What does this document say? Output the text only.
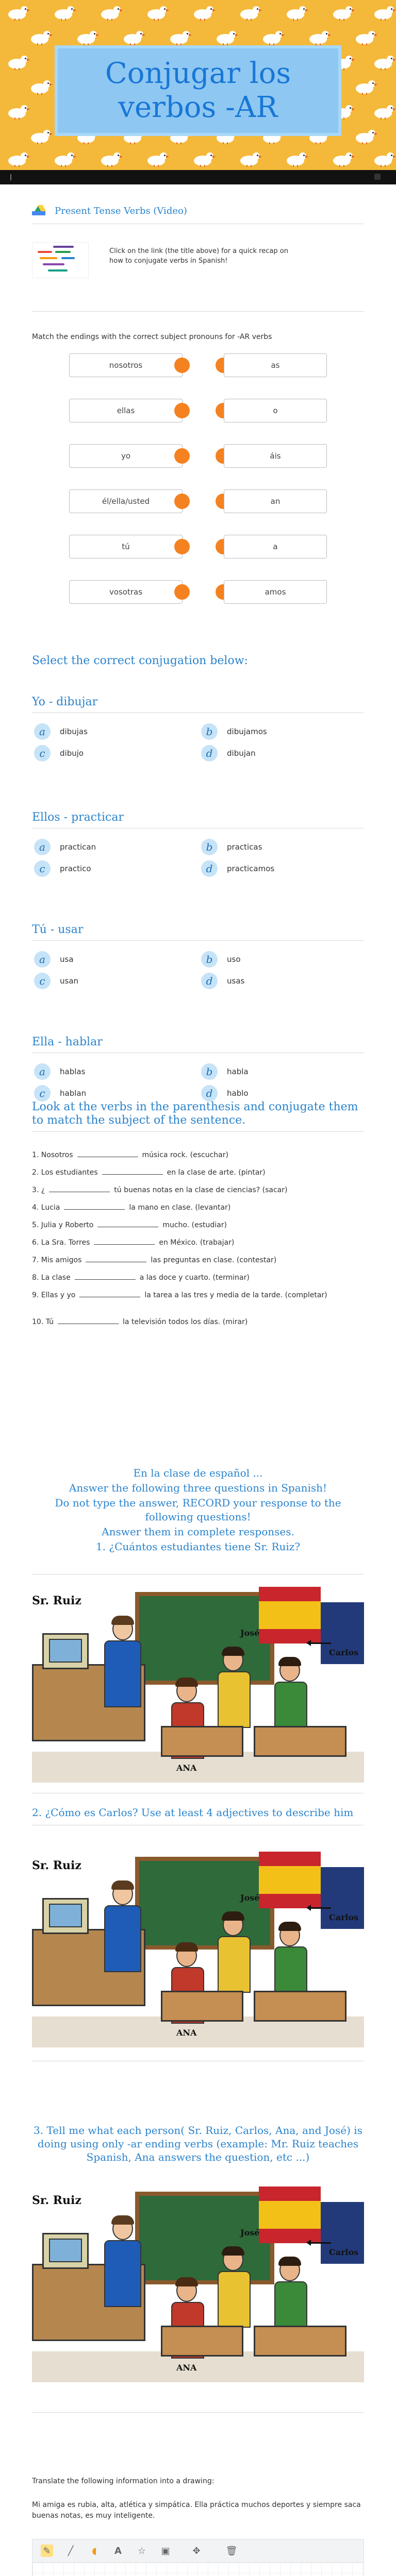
Conjugar los verbos -AR
Present Tense Verbs (Video)

Click on the link (the title above) for a quick recap on how to conjugate verbs in Spanish!

Match the endings with the correct subject pronouns for -AR verbs

nosotros	as
ellas	o
yo	áis
él/ella/usted	an
tú	a
vosotras	amos

Select the correct conjugation below:

Yo - dibujar
a	dibujas	b	dibujamos
c	dibujo	d	dibujan
Ellos - practicar
a	practican	b	practicas
c	practico	d	practicamos
Tú - usar
a	usa	b	uso
c	usan	d	usas
Ella - hablar
a	hablas	b	habla
c	hablan	d	hablo

Look at the verbs in the parenthesis and conjugate them to match the subject of the sentence.

1. Nosotros	música rock. (escuchar)
2. Los estudiantes	en la clase de arte. (pintar)
3. ¿	tú buenas notas en la clase de ciencias? (sacar)
4. Lucia	la mano en clase. (levantar)
5. Julia y Roberto	mucho. (estudiar)
6. La Sra. Torres	en México. (trabajar)
7. Mis amigos	las preguntas en clase. (contestar)
8. La clase	a las doce y cuarto. (terminar)
9. Ellas y yo	la tarea a las tres y media de la tarde. (completar)
10. Tú	la televisión todos los días. (mirar)

En la clase de español ...

Answer the following three questions in Spanish!

Do not type the answer, RECORD your response to the following questions!

Answer them in complete responses.

1. ¿Cuántos estudiantes tiene Sr. Ruiz?

Sr. Ruiz
José
Carlos
ANA

2. ¿Cómo es Carlos? Use at least 4 adjectives to describe him

Sr. Ruiz
José
Carlos
ANA

3. Tell me what each person( Sr. Ruiz, Carlos, Ana, and José) is doing using only -ar ending verbs (example: Mr. Ruiz teaches Spanish, Ana answers the question, etc ...)

Sr. Ruiz
José
Carlos
ANA

Translate the following information into a drawing:

Mi amiga es rubia, alta, atlética y simpática. Ella práctica muchos deportes y siempre saca buenas notas, es muy inteligente.

✎	╱	◖	A ☆ ▣ ✥	🗑
